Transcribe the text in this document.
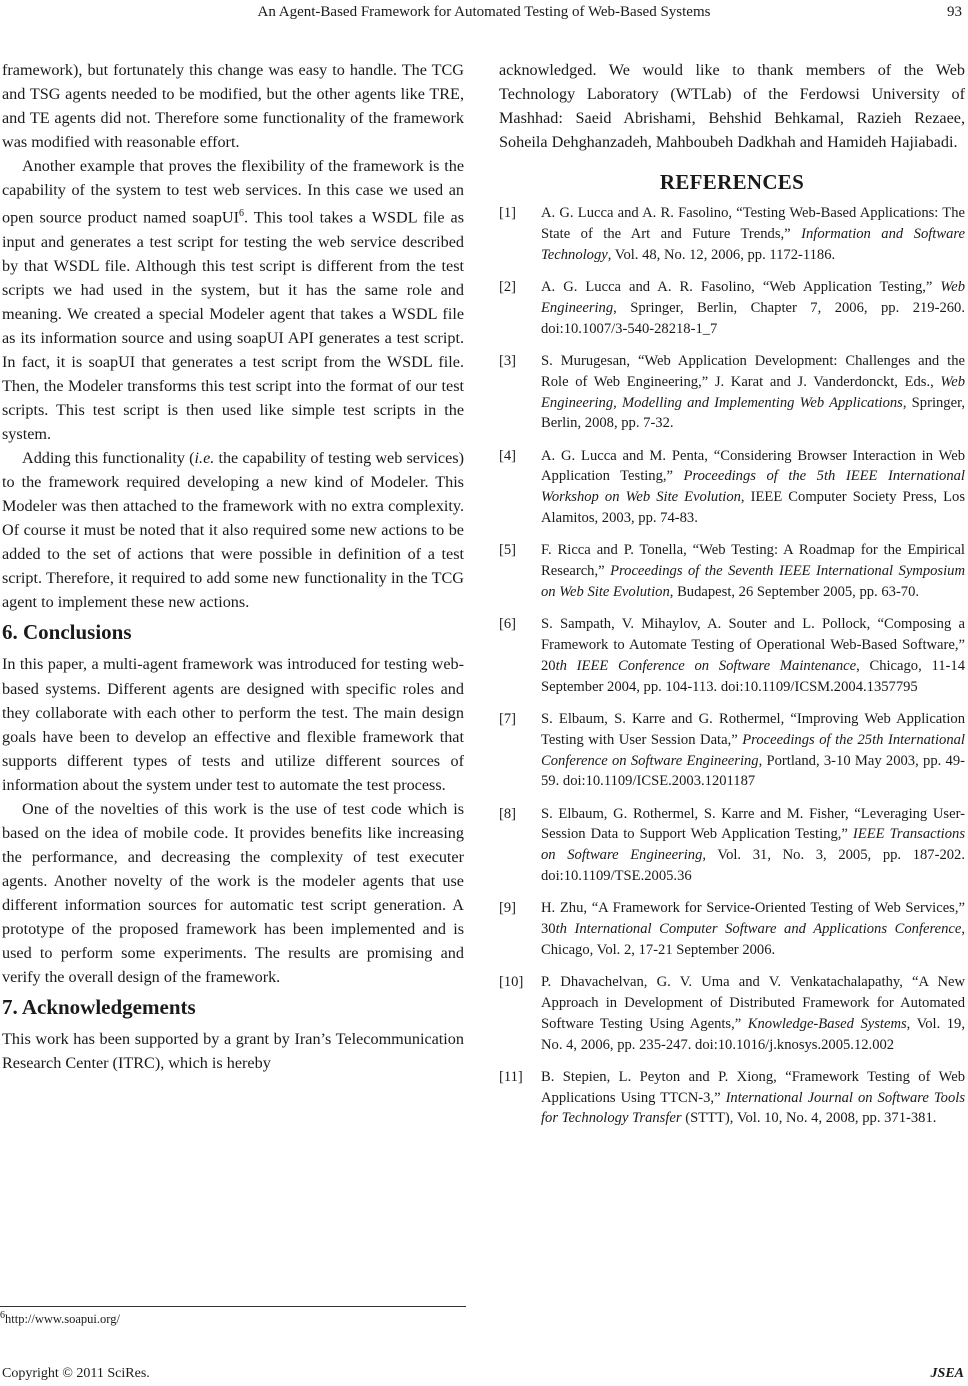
An Agent-Based Framework for Automated Testing of Web-Based Systems	93

framework), but fortunately this change was easy to handle. The TCG and TSG agents needed to be modified, but the other agents like TRE, and TE agents did not. Therefore some functionality of the framework was modified with reasonable effort.

Another example that proves the flexibility of the framework is the capability of the system to test web services. In this case we used an open source product named soapUI$^6$. This tool takes a WSDL file as input and generates a test script for testing the web service described by that WSDL file. Although this test script is different from the test scripts we had used in the system, but it has the same role and meaning. We created a special Modeler agent that takes a WSDL file as its information source and using soapUI API generates a test script. In fact, it is soapUI that generates a test script from the WSDL file. Then, the Modeler transforms this test script into the format of our test scripts. This test script is then used like simple test scripts in the system.

Adding this functionality (i.e. the capability of testing web services) to the framework required developing a new kind of Modeler. This Modeler was then attached to the framework with no extra complexity. Of course it must be noted that it also required some new actions to be added to the set of actions that were possible in definition of a test script. Therefore, it required to add some new functionality in the TCG agent to implement these new actions.

6. Conclusions

In this paper, a multi-agent framework was introduced for testing web-based systems. Different agents are designed with specific roles and they collaborate with each other to perform the test. The main design goals have been to develop an effective and flexible framework that supports different types of tests and utilize different sources of information about the system under test to automate the test process.

One of the novelties of this work is the use of test code which is based on the idea of mobile code. It provides benefits like increasing the performance, and decreasing the complexity of test executer agents. Another novelty of the work is the modeler agents that use different information sources for automatic test script generation. A prototype of the proposed framework has been implemented and is used to perform some experiments. The results are promising and verify the overall design of the framework.

7. Acknowledgements

This work has been supported by a grant by Iran’s Telecommunication Research Center (ITRC), which is hereby

$^6$http://www.soapui.org/

acknowledged. We would like to thank members of the Web Technology Laboratory (WTLab) of the Ferdowsi University of Mashhad: Saeid Abrishami, Behshid Behkamal, Razieh Rezaee, Soheila Dehghanzadeh, Mahboubeh Dadkhah and Hamideh Hajiabadi.

REFERENCES
[1]	A. G. Lucca and A. R. Fasolino, “Testing Web-Based Applications: The State of the Art and Future Trends,” Information and Software Technology, Vol. 48, No. 12, 2006, pp. 1172-1186.
[2]	A. G. Lucca and A. R. Fasolino, “Web Application Testing,” Web Engineering, Springer, Berlin, Chapter 7, 2006, pp. 219-260. doi:10.1007/3-540-28218-1_7
[3]	S. Murugesan, “Web Application Development: Challenges and the Role of Web Engineering,” J. Karat and J. Vanderdonckt, Eds., Web Engineering, Modelling and Implementing Web Applications, Springer, Berlin, 2008, pp. 7-32.
[4]	A. G. Lucca and M. Penta, “Considering Browser Interaction in Web Application Testing,” Proceedings of the 5th IEEE International Workshop on Web Site Evolution, IEEE Computer Society Press, Los Alamitos, 2003, pp. 74-83.
[5]	F. Ricca and P. Tonella, “Web Testing: A Roadmap for the Empirical Research,” Proceedings of the Seventh IEEE International Symposium on Web Site Evolution, Budapest, 26 September 2005, pp. 63-70.
[6]	S. Sampath, V. Mihaylov, A. Souter and L. Pollock, “Composing a Framework to Automate Testing of Operational Web-Based Software,” 20th IEEE Conference on Software Maintenance, Chicago, 11-14 September 2004, pp. 104-113. doi:10.1109/ICSM.2004.1357795
[7]	S. Elbaum, S. Karre and G. Rothermel, “Improving Web Application Testing with User Session Data,” Proceedings of the 25th International Conference on Software Engineering, Portland, 3-10 May 2003, pp. 49-59. doi:10.1109/ICSE.2003.1201187
[8]	S. Elbaum, G. Rothermel, S. Karre and M. Fisher, “Leveraging User-Session Data to Support Web Application Testing,” IEEE Transactions on Software Engineering, Vol. 31, No. 3, 2005, pp. 187-202. doi:10.1109/TSE.2005.36
[9]	H. Zhu, “A Framework for Service-Oriented Testing of Web Services,” 30th International Computer Software and Applications Conference, Chicago, Vol. 2, 17-21 September 2006.
[10]	P. Dhavachelvan, G. V. Uma and V. Venkatachalapathy, “A New Approach in Development of Distributed Framework for Automated Software Testing Using Agents,” Knowledge-Based Systems, Vol. 19, No. 4, 2006, pp. 235-247. doi:10.1016/j.knosys.2005.12.002
[11]	B. Stepien, L. Peyton and P. Xiong, “Framework Testing of Web Applications Using TTCN-3,” International Journal on Software Tools for Technology Transfer (STTT), Vol. 10, No. 4, 2008, pp. 371-381.
Copyright © 2011 SciRes.	JSEA
